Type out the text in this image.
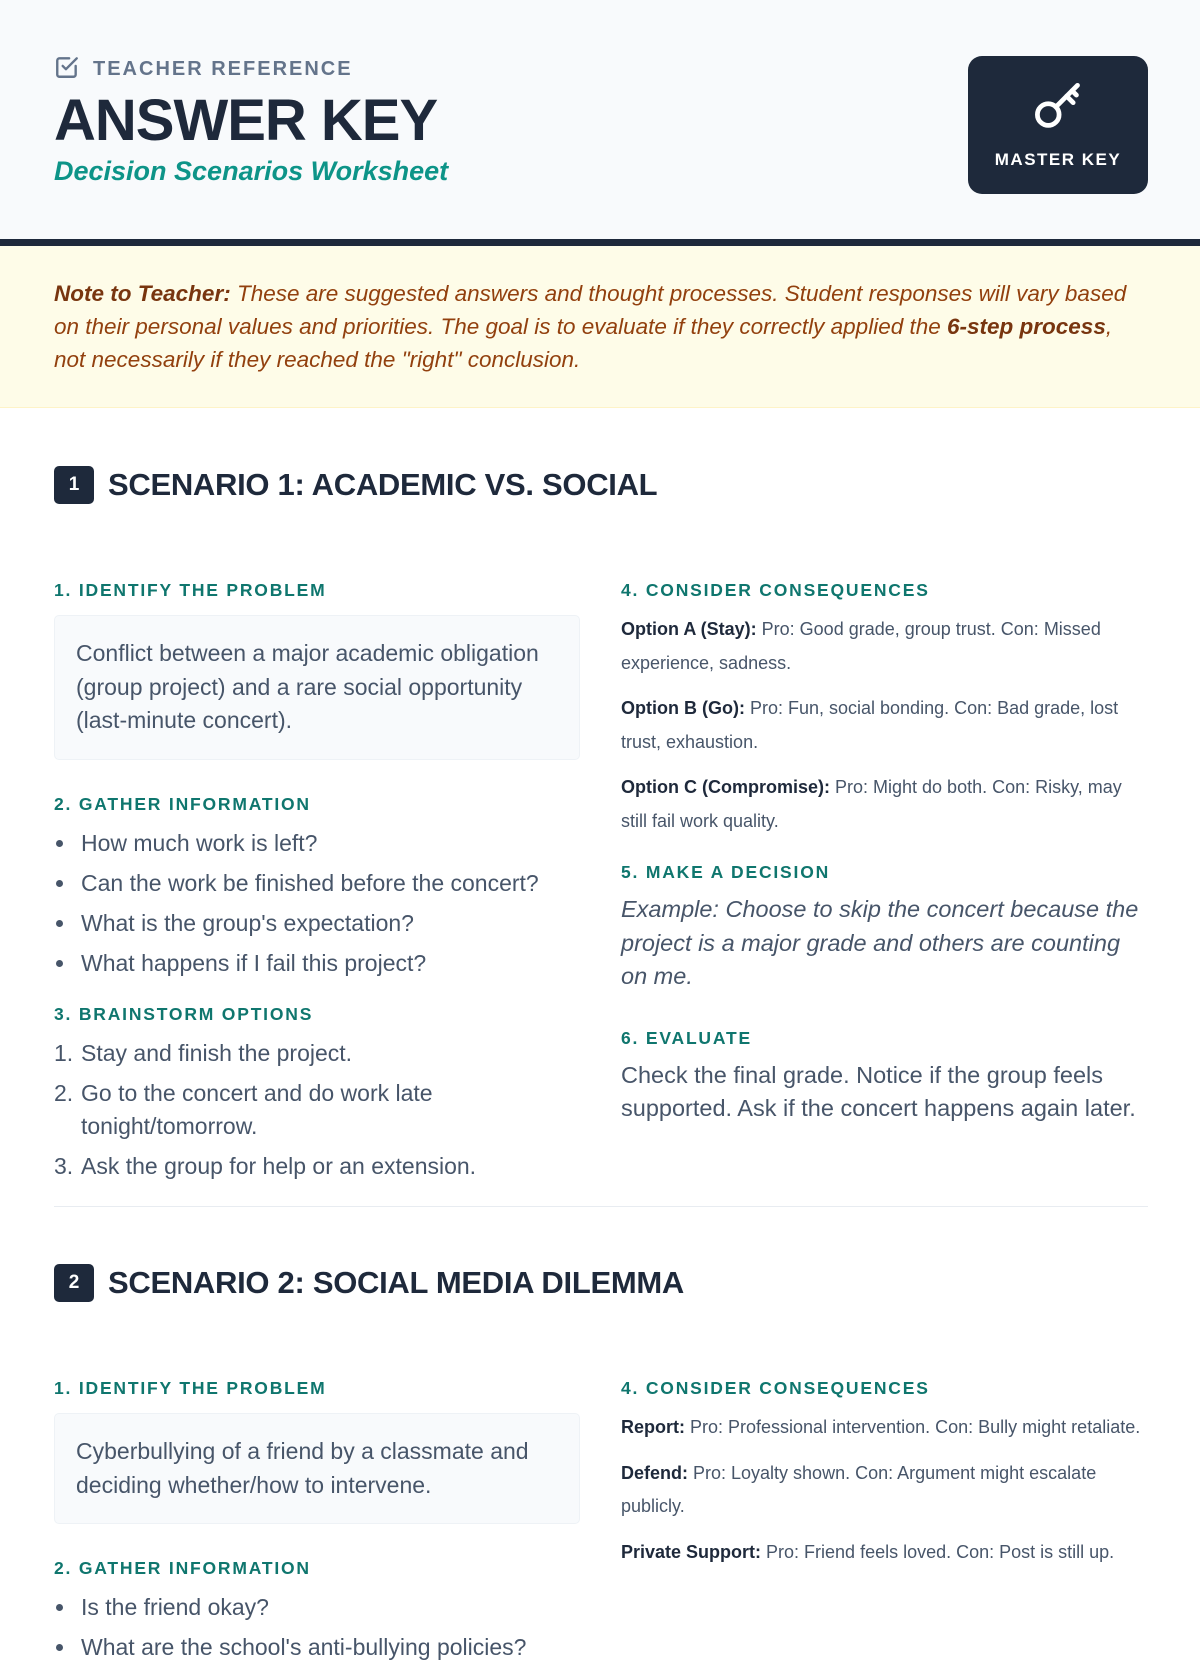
TEACHER REFERENCE
ANSWER KEY
Decision Scenarios Worksheet	MASTER KEY
Note to Teacher: These are suggested answers and thought processes. Student responses will vary based on their personal values and priorities. The goal is to evaluate if they correctly applied the 6-step process, not necessarily if they reached the "right" conclusion.
1 SCENARIO 1: ACADEMIC VS. SOCIAL
1. IDENTIFY THE PROBLEM
Conflict between a major academic obligation (group project) and a rare social opportunity (last-minute concert).
2. GATHER INFORMATION
How much work is left?
Can the work be finished before the concert?
What is the group's expectation?
What happens if I fail this project?
3. BRAINSTORM OPTIONS
1. Stay and finish the project.
2. Go to the concert and do work late tonight/tomorrow.
3. Ask the group for help or an extension.
4. CONSIDER CONSEQUENCES

Option A (Stay): Pro: Good grade, group trust. Con: Missed experience, sadness.

Option B (Go): Pro: Fun, social bonding. Con: Bad grade, lost trust, exhaustion.

Option C (Compromise): Pro: Might do both. Con: Risky, may still fail work quality.

5. MAKE A DECISION
Example: Choose to skip the concert because the project is a major grade and others are counting on me.
6. EVALUATE
Check the final grade. Notice if the group feels supported. Ask if the concert happens again later.
2 SCENARIO 2: SOCIAL MEDIA DILEMMA
1. IDENTIFY THE PROBLEM
Cyberbullying of a friend by a classmate and deciding whether/how to intervene.
2. GATHER INFORMATION
Is the friend okay?
What are the school's anti-bullying policies?
4. CONSIDER CONSEQUENCES

Report: Pro: Professional intervention. Con: Bully might retaliate.

Defend: Pro: Loyalty shown. Con: Argument might escalate publicly.

Private Support: Pro: Friend feels loved. Con: Post is still up.
